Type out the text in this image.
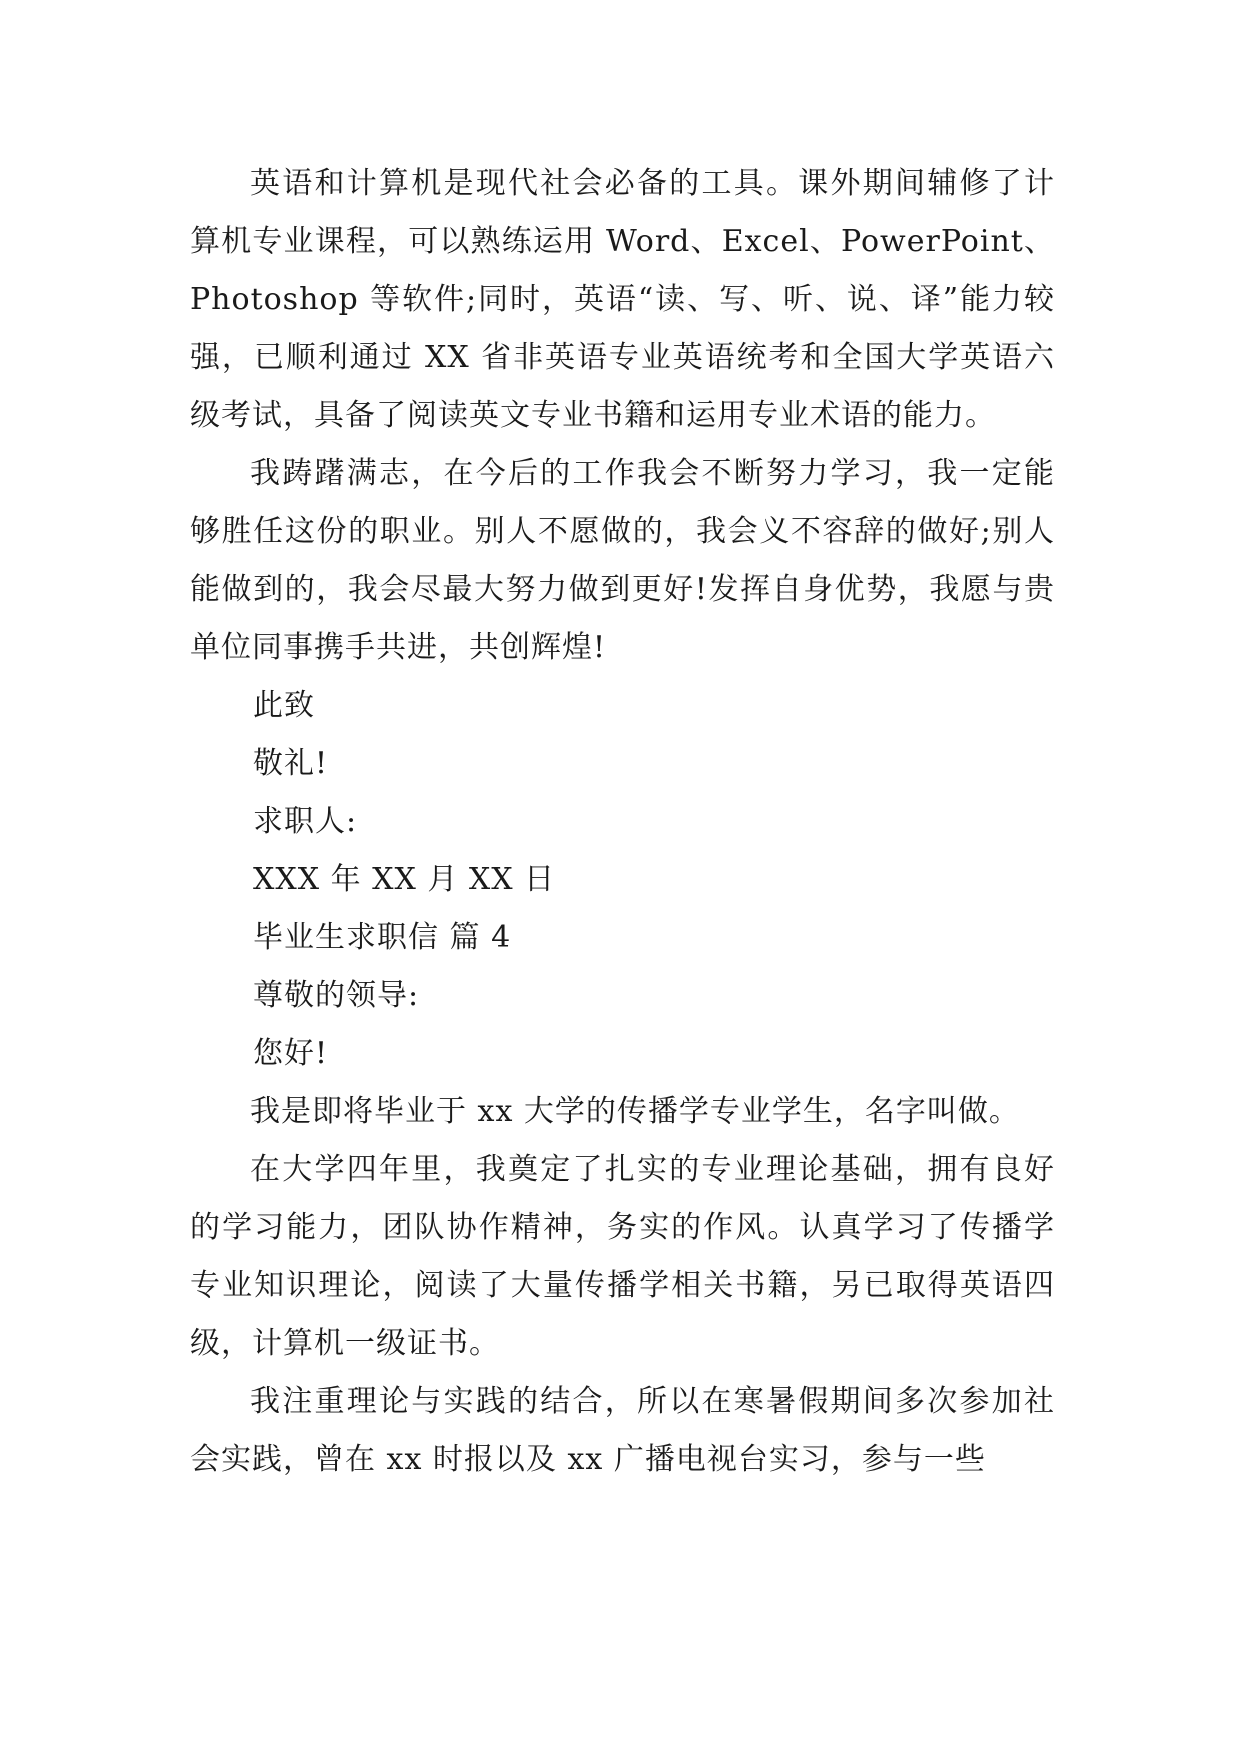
英语和计算机是现代社会必备的工具。课外期间辅修了计算机专业课程，可以熟练运用 Word、Excel、PowerPoint、Photoshop 等软件;同时，英语“读、写、听、说、译”能力较强，已顺利通过 XX 省非英语专业英语统考和全国大学英语六级考试，具备了阅读英文专业书籍和运用专业术语的能力。

我踌躇满志，在今后的工作我会不断努力学习，我一定能够胜任这份的职业。别人不愿做的，我会义不容辞的做好;别人能做到的，我会尽最大努力做到更好!发挥自身优势，我愿与贵单位同事携手共进，共创辉煌!

此致

敬礼!

求职人:

XXX 年 XX 月 XX 日

毕业生求职信 篇 4

尊敬的领导:

您好!

我是即将毕业于 xx 大学的传播学专业学生，名字叫做。

在大学四年里，我奠定了扎实的专业理论基础，拥有良好的学习能力，团队协作精神，务实的作风。认真学习了传播学专业知识理论，阅读了大量传播学相关书籍，另已取得英语四级，计算机一级证书。

我注重理论与实践的结合，所以在寒暑假期间多次参加社会实践，曾在 xx 时报以及 xx 广播电视台实习，参与一些
